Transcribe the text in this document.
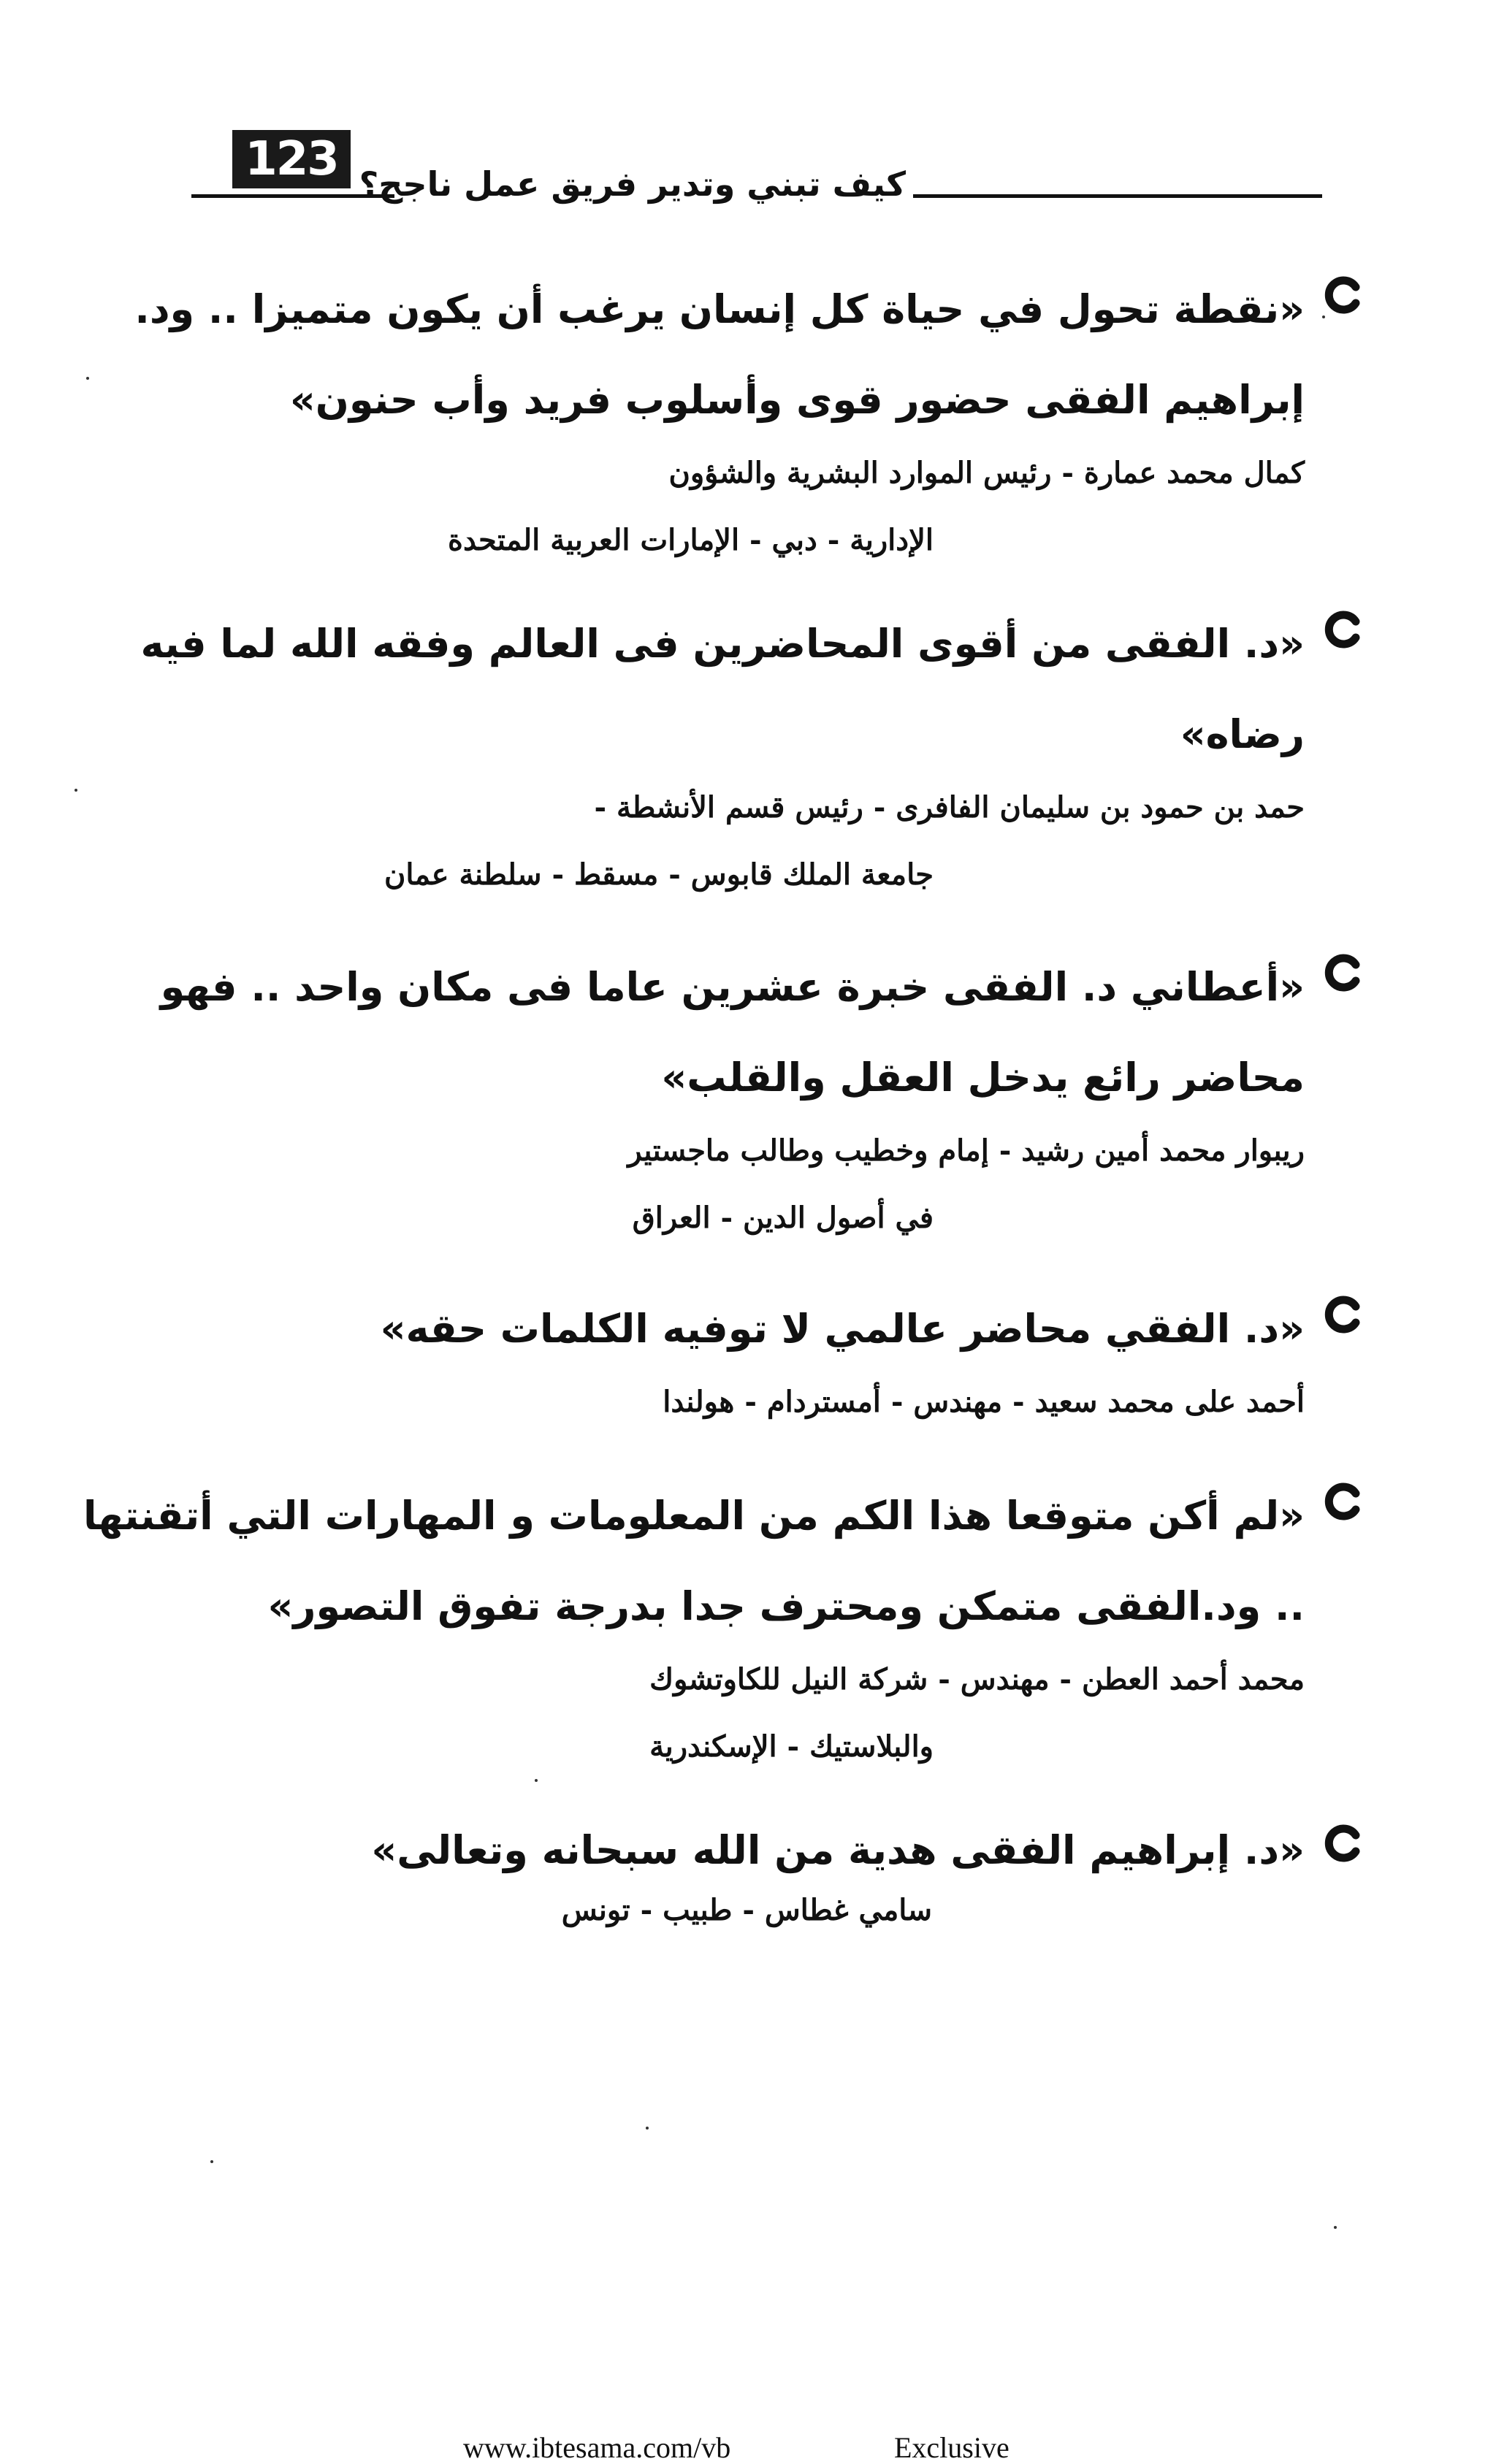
123 كيف تبني وتدير فريق عمل ناجح؟

«نقطة تحول في حياة كل إنسان يرغب أن يكون متميزا .. ود.
إبراهيم الفقى حضور قوى وأسلوب فريد وأب حنون»

كمال محمد عمارة - رئيس الموارد البشرية والشؤون
الإدارية - دبي - الإمارات العربية المتحدة

«د. الفقى من أقوى المحاضرين فى العالم وفقه الله لما فيه
رضاه»

حمد بن حمود بن سليمان الفافرى - رئيس قسم الأنشطة -
جامعة الملك قابوس - مسقط - سلطنة عمان

«أعطاني د. الفقى خبرة عشرين عاما فى مكان واحد .. فهو
محاضر رائع يدخل العقل والقلب»

ريبوار محمد أمين رشيد - إمام وخطيب وطالب ماجستير
في أصول الدين - العراق

«د. الفقي محاضر عالمي لا توفيه الكلمات حقه»

أحمد على محمد سعيد - مهندس - أمستردام - هولندا

«لم أكن متوقعا هذا الكم من المعلومات و المهارات التي أتقنتها
.. ود.الفقى متمكن ومحترف جدا بدرجة تفوق التصور»

محمد أحمد العطن - مهندس - شركة النيل للكاوتشوك
والبلاستيك - الإسكندرية

«د. إبراهيم الفقى هدية من الله سبحانه وتعالى»

سامي غطاس - طبيب - تونس

www.ibtesama.com/vb	Exclusive
